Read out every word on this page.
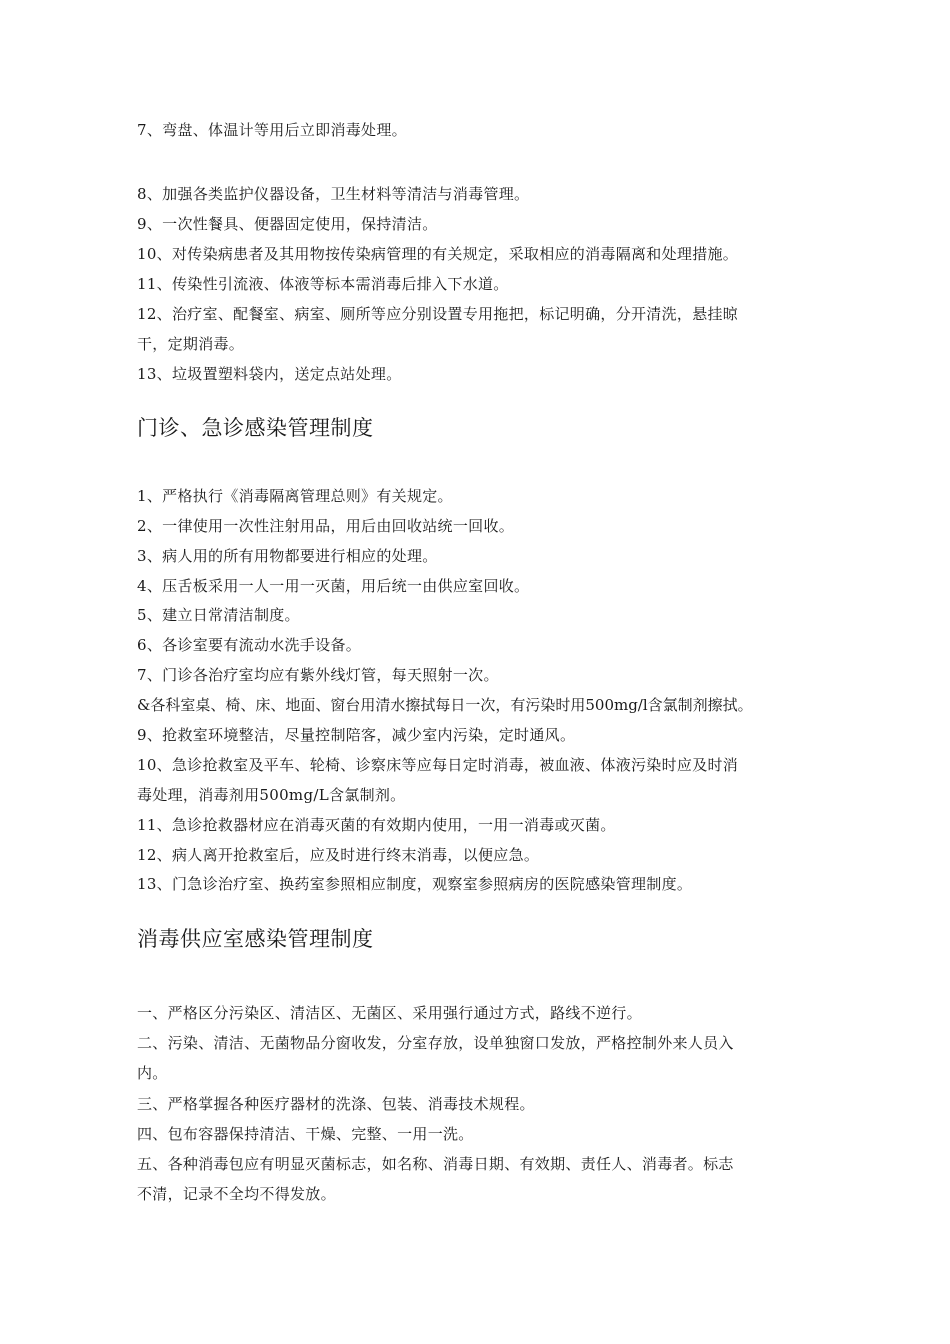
7、弯盘、体温计等用后立即消毒处理。
8、加强各类监护仪器设备，卫生材料等清洁与消毒管理。
9、一次性餐具、便器固定使用，保持清洁。
10、对传染病患者及其用物按传染病管理的有关规定，采取相应的消毒隔离和处理措施。
11、传染性引流液、体液等标本需消毒后排入下水道。
12、治疗室、配餐室、病室、厕所等应分别设置专用拖把，标记明确，分开清洗，悬挂晾
干，定期消毒。
13、垃圾置塑料袋内，送定点站处理。
门诊、急诊感染管理制度
1、严格执行《消毒隔离管理总则》有关规定。
2、一律使用一次性注射用品，用后由回收站统一回收。
3、病人用的所有用物都要进行相应的处理。
4、压舌板采用一人一用一灭菌，用后统一由供应室回收。
5、建立日常清洁制度。
6、各诊室要有流动水洗手设备。
7、门诊各治疗室均应有紫外线灯管，每天照射一次。
&各科室桌、椅、床、地面、窗台用清水擦拭每日一次，有污染时用500mg/l含氯制剂擦拭。
9、抢救室环境整洁，尽量控制陪客，减少室内污染，定时通风。
10、急诊抢救室及平车、轮椅、诊察床等应每日定时消毒，被血液、体液污染时应及时消
毒处理，消毒剂用500mg/L含氯制剂。
11、急诊抢救器材应在消毒灭菌的有效期内使用，一用一消毒或灭菌。
12、病人离开抢救室后，应及时进行终末消毒，以便应急。
13、门急诊治疗室、换药室参照相应制度，观察室参照病房的医院感染管理制度。
消毒供应室感染管理制度
一、严格区分污染区、清洁区、无菌区、采用强行通过方式，路线不逆行。
二、污染、清洁、无菌物品分窗收发，分室存放，设单独窗口发放，严格控制外来人员入
内。
三、严格掌握各种医疗器材的洗涤、包装、消毒技术规程。
四、包布容器保持清洁、干燥、完整、一用一洗。
五、各种消毒包应有明显灭菌标志，如名称、消毒日期、有效期、责任人、消毒者。标志
不清，记录不全均不得发放。
